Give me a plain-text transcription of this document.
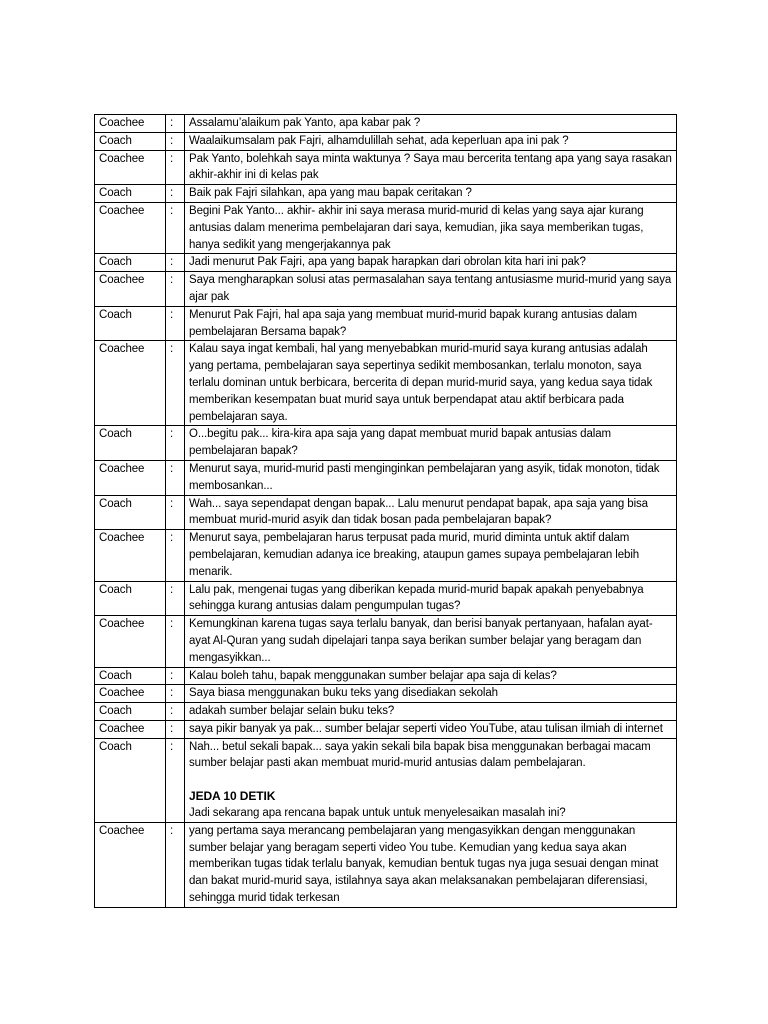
Coachee	:	Assalamu’alaikum pak Yanto, apa kabar pak ?
Coach	:	Waalaikumsalam pak Fajri, alhamdulillah sehat, ada keperluan apa ini pak ?
Coachee	:	Pak Yanto, bolehkah saya minta waktunya ? Saya mau bercerita tentang apa yang saya rasakan akhir-akhir ini di kelas pak
Coach	:	Baik pak Fajri silahkan, apa yang mau bapak ceritakan ?
Coachee	:	Begini Pak Yanto... akhir- akhir ini saya merasa murid-murid di kelas yang saya ajar kurang antusias dalam menerima pembelajaran dari saya, kemudian, jika saya memberikan tugas, hanya sedikit yang mengerjakannya pak
Coach	:	Jadi menurut Pak Fajri, apa yang bapak harapkan dari obrolan kita hari ini pak?
Coachee	:	Saya mengharapkan solusi atas permasalahan saya tentang antusiasme murid-murid yang saya ajar pak
Coach	:	Menurut Pak Fajri, hal apa saja yang membuat murid-murid bapak kurang antusias dalam pembelajaran Bersama bapak?
Coachee	:	Kalau saya ingat kembali, hal yang menyebabkan murid-murid saya kurang antusias adalah yang pertama, pembelajaran saya sepertinya sedikit membosankan, terlalu monoton, saya terlalu dominan untuk berbicara, bercerita di depan murid-murid saya, yang kedua saya tidak memberikan kesempatan buat murid saya untuk berpendapat atau aktif berbicara pada pembelajaran saya.
Coach	:	O...begitu pak... kira-kira apa saja yang dapat membuat murid bapak antusias dalam pembelajaran bapak?
Coachee	:	Menurut saya, murid-murid pasti menginginkan pembelajaran yang asyik, tidak monoton, tidak membosankan...
Coach	:	Wah... saya sependapat dengan bapak... Lalu menurut pendapat bapak, apa saja yang bisa membuat murid-murid asyik dan tidak bosan pada pembelajaran bapak?
Coachee	:	Menurut saya, pembelajaran harus terpusat pada murid, murid diminta untuk aktif dalam pembelajaran, kemudian adanya ice breaking, ataupun games supaya pembelajaran lebih menarik.
Coach	:	Lalu pak, mengenai tugas yang diberikan kepada murid-murid bapak apakah penyebabnya sehingga kurang antusias dalam pengumpulan tugas?
Coachee	:	Kemungkinan karena tugas saya terlalu banyak, dan berisi banyak pertanyaan, hafalan ayat-ayat Al-Quran yang sudah dipelajari tanpa saya berikan sumber belajar yang beragam dan mengasyikkan...
Coach	:	Kalau boleh tahu, bapak menggunakan sumber belajar apa saja di kelas?
Coachee	:	Saya biasa menggunakan buku teks yang disediakan sekolah
Coach	:	adakah sumber belajar selain buku teks?
Coachee	:	saya pikir banyak ya pak... sumber belajar seperti video YouTube, atau tulisan ilmiah di internet
Coach	:	Nah... betul sekali bapak... saya yakin sekali bila bapak bisa menggunakan berbagai macam sumber belajar pasti akan membuat murid-murid antusias dalam pembelajaran.
JEDA 10 DETIK
Jadi sekarang apa rencana bapak untuk untuk menyelesaikan masalah ini?

Coachee	:	yang pertama saya merancang pembelajaran yang mengasyikkan dengan menggunakan sumber belajar yang beragam seperti video You tube. Kemudian yang kedua saya akan memberikan tugas tidak terlalu banyak, kemudian bentuk tugas nya juga sesuai dengan minat dan bakat murid-murid saya, istilahnya saya akan melaksanakan pembelajaran diferensiasi, sehingga murid tidak terkesan
